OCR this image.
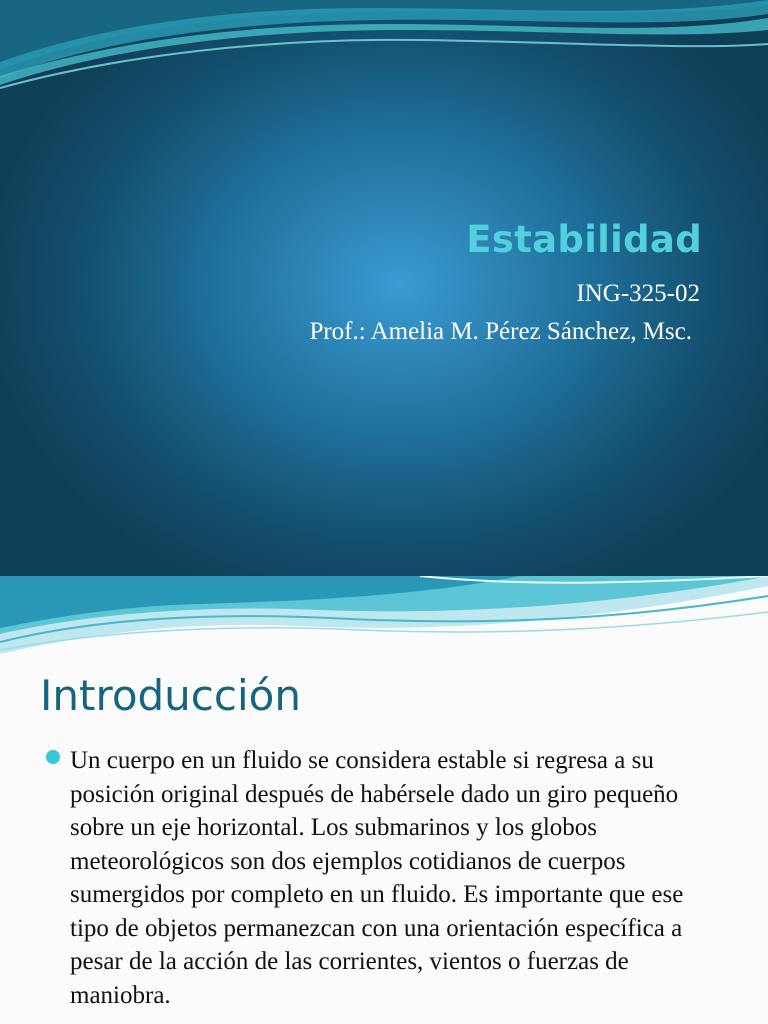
Estabilidad
ING-325-02
Prof.: Amelia M. Pérez Sánchez, Msc.
Introducción

Un cuerpo en un fluido se considera estable si regresa a su posición original después de habérsele dado un giro pequeño sobre un eje horizontal. Los submarinos y los globos meteorológicos son dos ejemplos cotidianos de cuerpos sumergidos por completo en un fluido. Es importante que ese tipo de objetos permanezcan con una orientación específica a pesar de la acción de las corrientes, vientos o fuerzas de maniobra.
